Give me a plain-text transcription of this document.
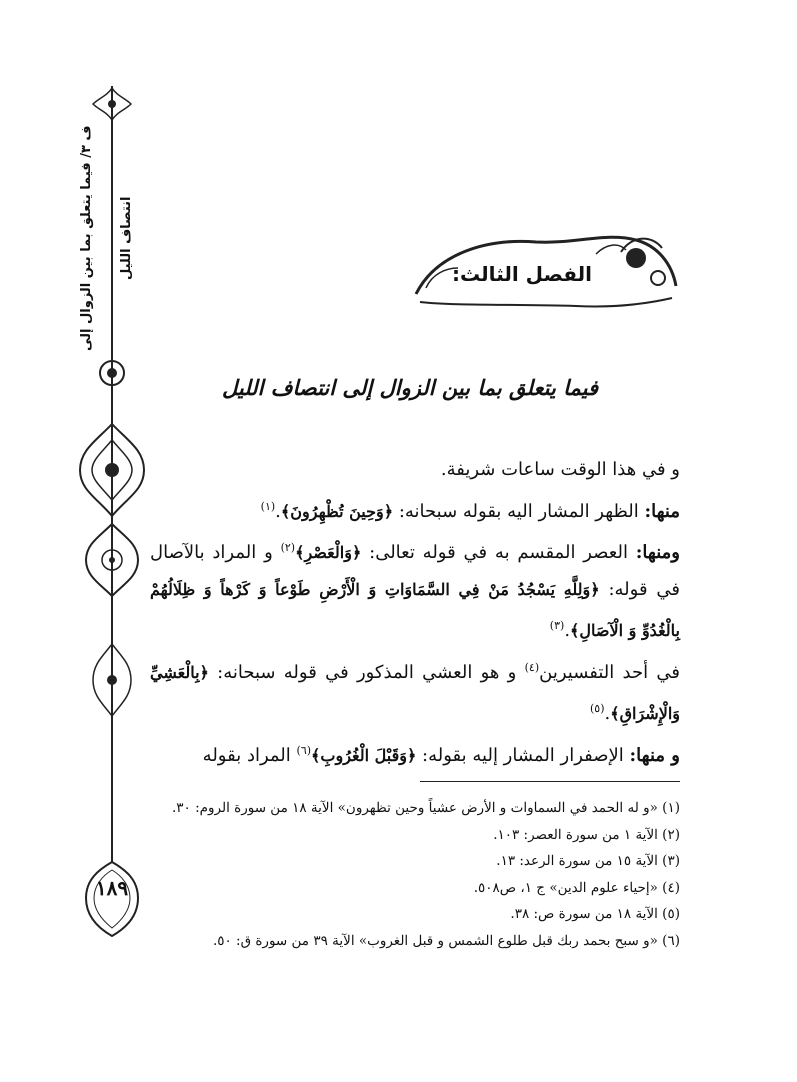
ف ٣/ فيما يتعلق بما بين الزوال إلى انتصاف الليل
١٨٩
الفصل الثالث:
فيما يتعلق بما بين الزوال إلى انتصاف الليل

و في هذا الوقت ساعات شريفة.

منها: الظهر المشار اليه بقوله سبحانه: ﴿وَحِينَ تُظْهِرُونَ﴾.$^{(١)}$

ومنها: العصر المقسم به في قوله تعالى: ﴿وَالْعَصْرِ﴾$^{(٢)}$ و المراد بالآصال في قوله: ﴿وَلِلَّهِ يَسْجُدُ مَنْ فِي السَّمَاوَاتِ وَ الْأَرْضِ طَوْعاً وَ كَرْهاً وَ ظِلَالُهُمْ بِالْغُدُوِّ وَ الْآصَالِ﴾.$^{(٣)}$

في أحد التفسيرين$^{(٤)}$ و هو العشي المذكور في قوله سبحانه: ﴿بِالْعَشِيِّ وَالْإِشْرَاقِ﴾.$^{(٥)}$

و منها: الإصفرار المشار إليه بقوله: ﴿وَقَبْلَ الْغُرُوبِ﴾$^{(٦)}$ المراد بقوله

(١) «و له الحمد في السماوات و الأرض عشياً وحين تظهرون» الآية ١٨ من سورة الروم: ٣٠.

(٢) الآية ١ من سورة العصر: ١٠٣.

(٣) الآية ١٥ من سورة الرعد: ١٣.

(٤) «إحياء علوم الدين» ج ١، ص٥٠٨.

(٥) الآية ١٨ من سورة ص: ٣٨.

(٦) «و سبح بحمد ربك قبل طلوع الشمس و قبل الغروب» الآية ٣٩ من سورة ق: ٥٠.
